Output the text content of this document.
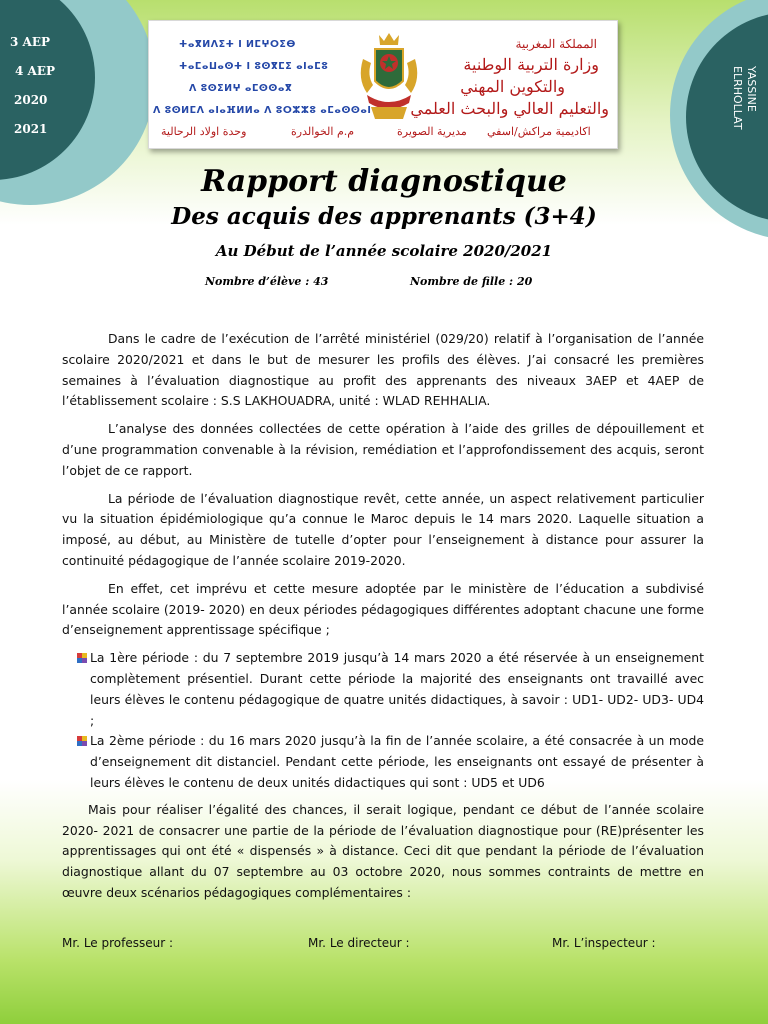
3 AEP
4 AEP
2020
2021
YASSINE ELRHOLLAT
ⵜⴰⴳⵍⴷⵉⵜ ⵏ ⵍⵎⵖⵔⵉⴱ
ⵜⴰⵎⴰⵡⴰⵙⵜ ⵏ ⵓⵙⴳⵎⵉ ⴰⵏⴰⵎⵓ
ⴷ ⵓⵙⵉⵍⵖ ⴰⵎⵙⵙⴰⴳ
ⴷ ⵓⵙⵍⵎⴷ ⴰⵏⴰⴼⵍⵍⴰ ⴷ ⵓⵔⵣⵣⵓ ⴰⵎⴰⵙⵙⴰⵏ
المملكة المغربية
وزارة التربية الوطنية
والتكوين المهني
والتعليم العالي والبحث العلمي
وحدة اولاد الرحالية	م.م الخوالدرة	مديرية الصويرة اكاديمية مراكش/اسفي
Rapport diagnostique
Des acquis des apprenants (3+4)
Au Début de l’année scolaire 2020/2021
Nombre d’élève : 43	Nombre de fille : 20

Dans le cadre de l’exécution de l’arrêté ministériel (029/20) relatif à l’organisation de l’année scolaire 2020/2021 et dans le but de mesurer les profils des élèves. J’ai consacré les premières semaines à l’évaluation diagnostique au profit des apprenants des niveaux 3AEP et 4AEP de l’établissement scolaire : S.S LAKHOUADRA, unité : WLAD REHHALIA.

L’analyse des données collectées de cette opération à l’aide des grilles de dépouillement et d’une programmation convenable à la révision, remédiation et l’approfondissement des acquis, seront l’objet de ce rapport.

La période de l’évaluation diagnostique revêt, cette année, un aspect relativement particulier vu la situation épidémiologique qu’a connue le Maroc depuis le 14 mars 2020. Laquelle situation a imposé, au début, au Ministère de tutelle d’opter pour l’enseignement à distance pour assurer la continuité pédagogique de l’année scolaire 2019-2020.

En effet, cet imprévu et cette mesure adoptée par le ministère de l’éducation a subdivisé l’année scolaire (2019- 2020) en deux périodes pédagogiques différentes adoptant chacune une forme d’enseignement apprentissage spécifique ;

La 1ère période : du 7 septembre 2019 jusqu’à 14 mars 2020 a été réservée à un enseignement complètement présentiel. Durant cette période la majorité des enseignants ont travaillé avec leurs élèves le contenu pédagogique de quatre unités didactiques, à savoir : UD1- UD2- UD3- UD4 ;
La 2ème période : du 16 mars 2020 jusqu’à la fin de l’année scolaire, a été consacrée à un mode d’enseignement dit distanciel. Pendant cette période, les enseignants ont essayé de présenter à leurs élèves le contenu de deux unités didactiques qui sont : UD5 et UD6

Mais pour réaliser l’égalité des chances, il serait logique, pendant ce début de l’année scolaire 2020- 2021 de consacrer une partie de la période de l’évaluation diagnostique pour (RE)présenter les apprentissages qui ont été « dispensés » à distance. Ceci dit que pendant la période de l’évaluation diagnostique allant du 07 septembre au 03 octobre 2020, nous sommes contraints de mettre en œuvre deux scénarios pédagogiques complémentaires :

Mr. Le professeur :	Mr. Le directeur :	Mr. L’inspecteur :
